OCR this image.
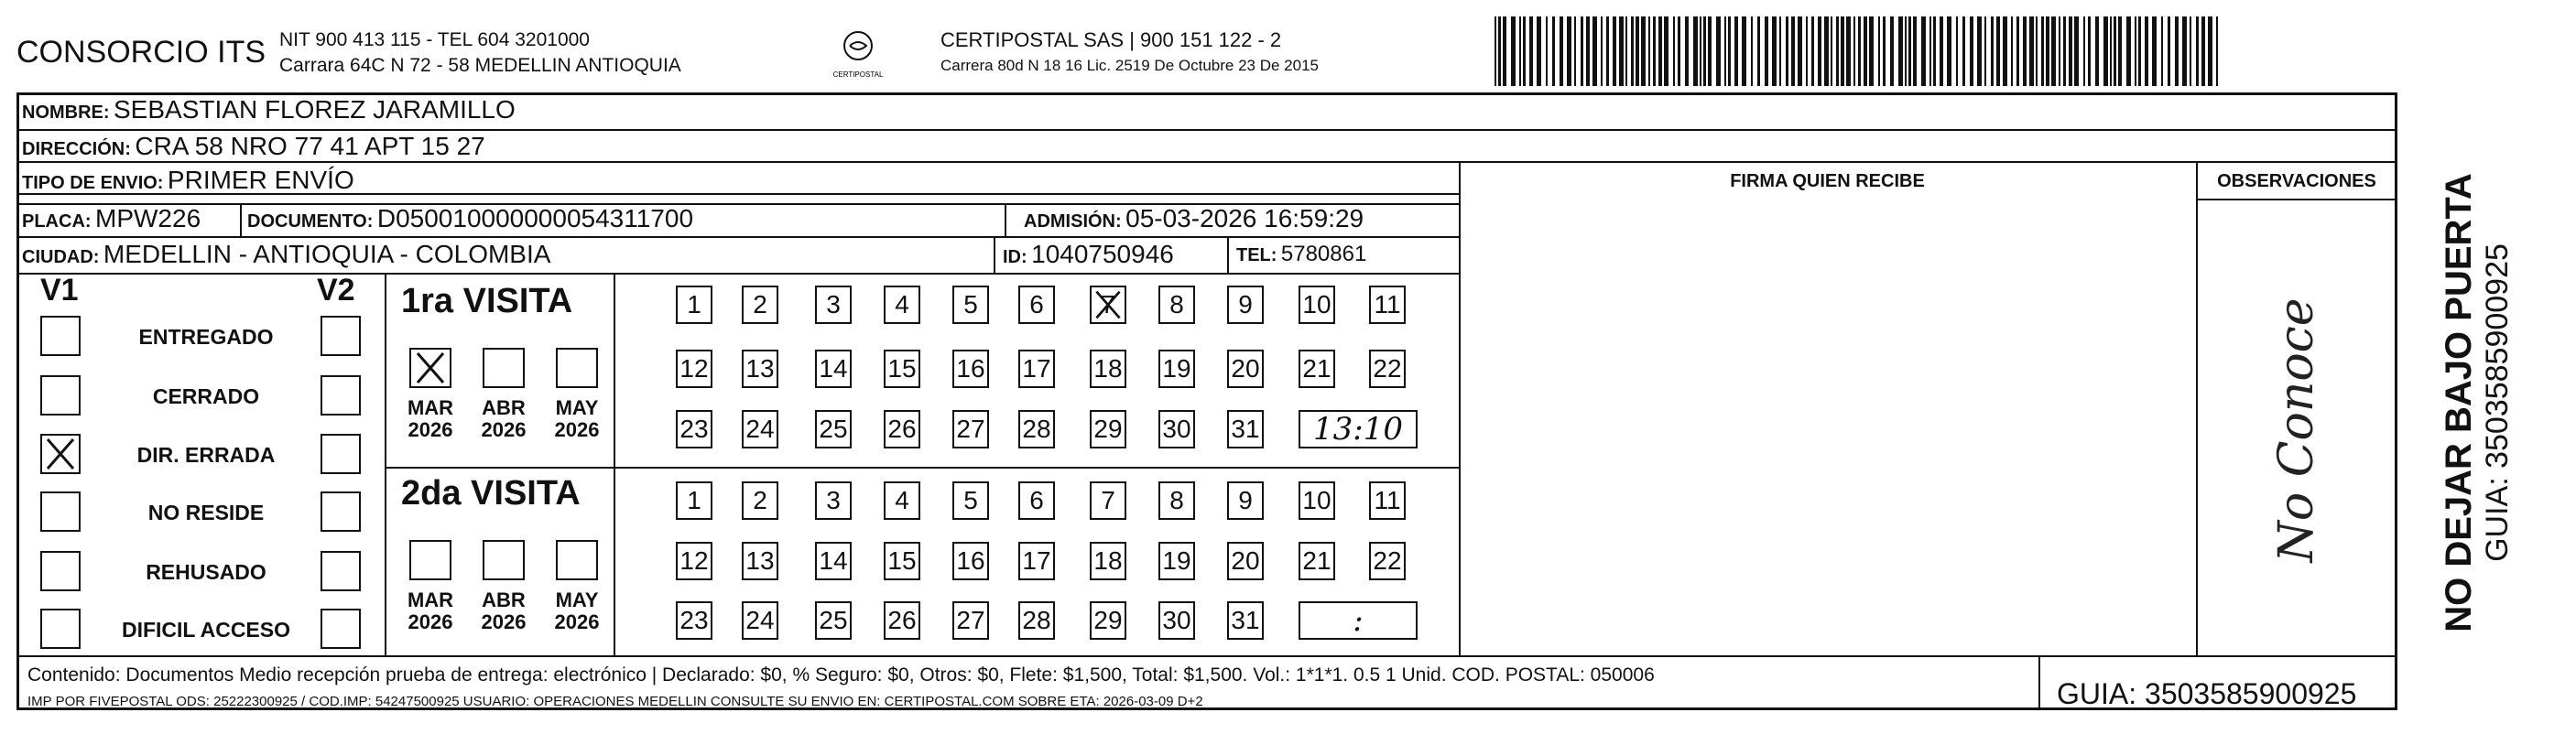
CONSORCIO ITS NIT 900 413 115 - TEL 604 3201000
Carrara 64C N 72 - 58 MEDELLIN ANTIOQUIA	CERTIPOSTAL
CERTIPOSTAL SAS | 900 151 122 - 2
Carrera 80d N 18 16 Lic. 2519 De Octubre 23 De 2015
NOMBRE: SEBASTIAN FLOREZ JARAMILLO
DIRECCIÓN: CRA 58 NRO 77 41 APT 15 27
TIPO DE ENVIO: PRIMER ENVÍO
PLACA: MPW226	DOCUMENTO: D050010000000054311700	ADMISIÓN: 05-03-2026 16:59:29
CIUDAD: MEDELLIN - ANTIOQUIA - COLOMBIA	ID: 1040750946	TEL: 5780861
FIRMA QUIEN RECIBE	OBSERVACIONES
V1	V2
ENTREGADO
CERRADO
DIR. ERRADA
NO RESIDE
REHUSADO
DIFICIL ACCESO
1ra VISITA
MAR
2026
ABR
2026
MAY
2026
1	2	3	4	5	6	7	8	9	10 11
12 13 14 15 16 17 18 19 20 21 22
23 24 25 26 27 28 29 30 31	13:10
2da VISITA
MAR
2026
ABR
2026
MAY
2026
1	2	3	4	5	6	7	8	9	10 11
12 13 14 15 16 17 18 19 20 21 22
23 24 25 26 27 28 29 30 31	:
No Conoce
Contenido: Documentos Medio recepción prueba de entrega: electrónico | Declarado: $0, % Seguro: $0, Otros: $0, Flete: $1,500, Total: $1,500. Vol.: 1*1*1. 0.5 1 Unid. COD. POSTAL: 050006
IMP POR FIVEPOSTAL ODS: 25222300925 / COD.IMP: 54247500925 USUARIO: OPERACIONES MEDELLIN CONSULTE SU ENVIO EN: CERTIPOSTAL.COM SOBRE ETA: 2026-03-09 D+2	GUIA: 3503585900925
NO DEJAR BAJO PUERTA GUIA: 3503585900925
